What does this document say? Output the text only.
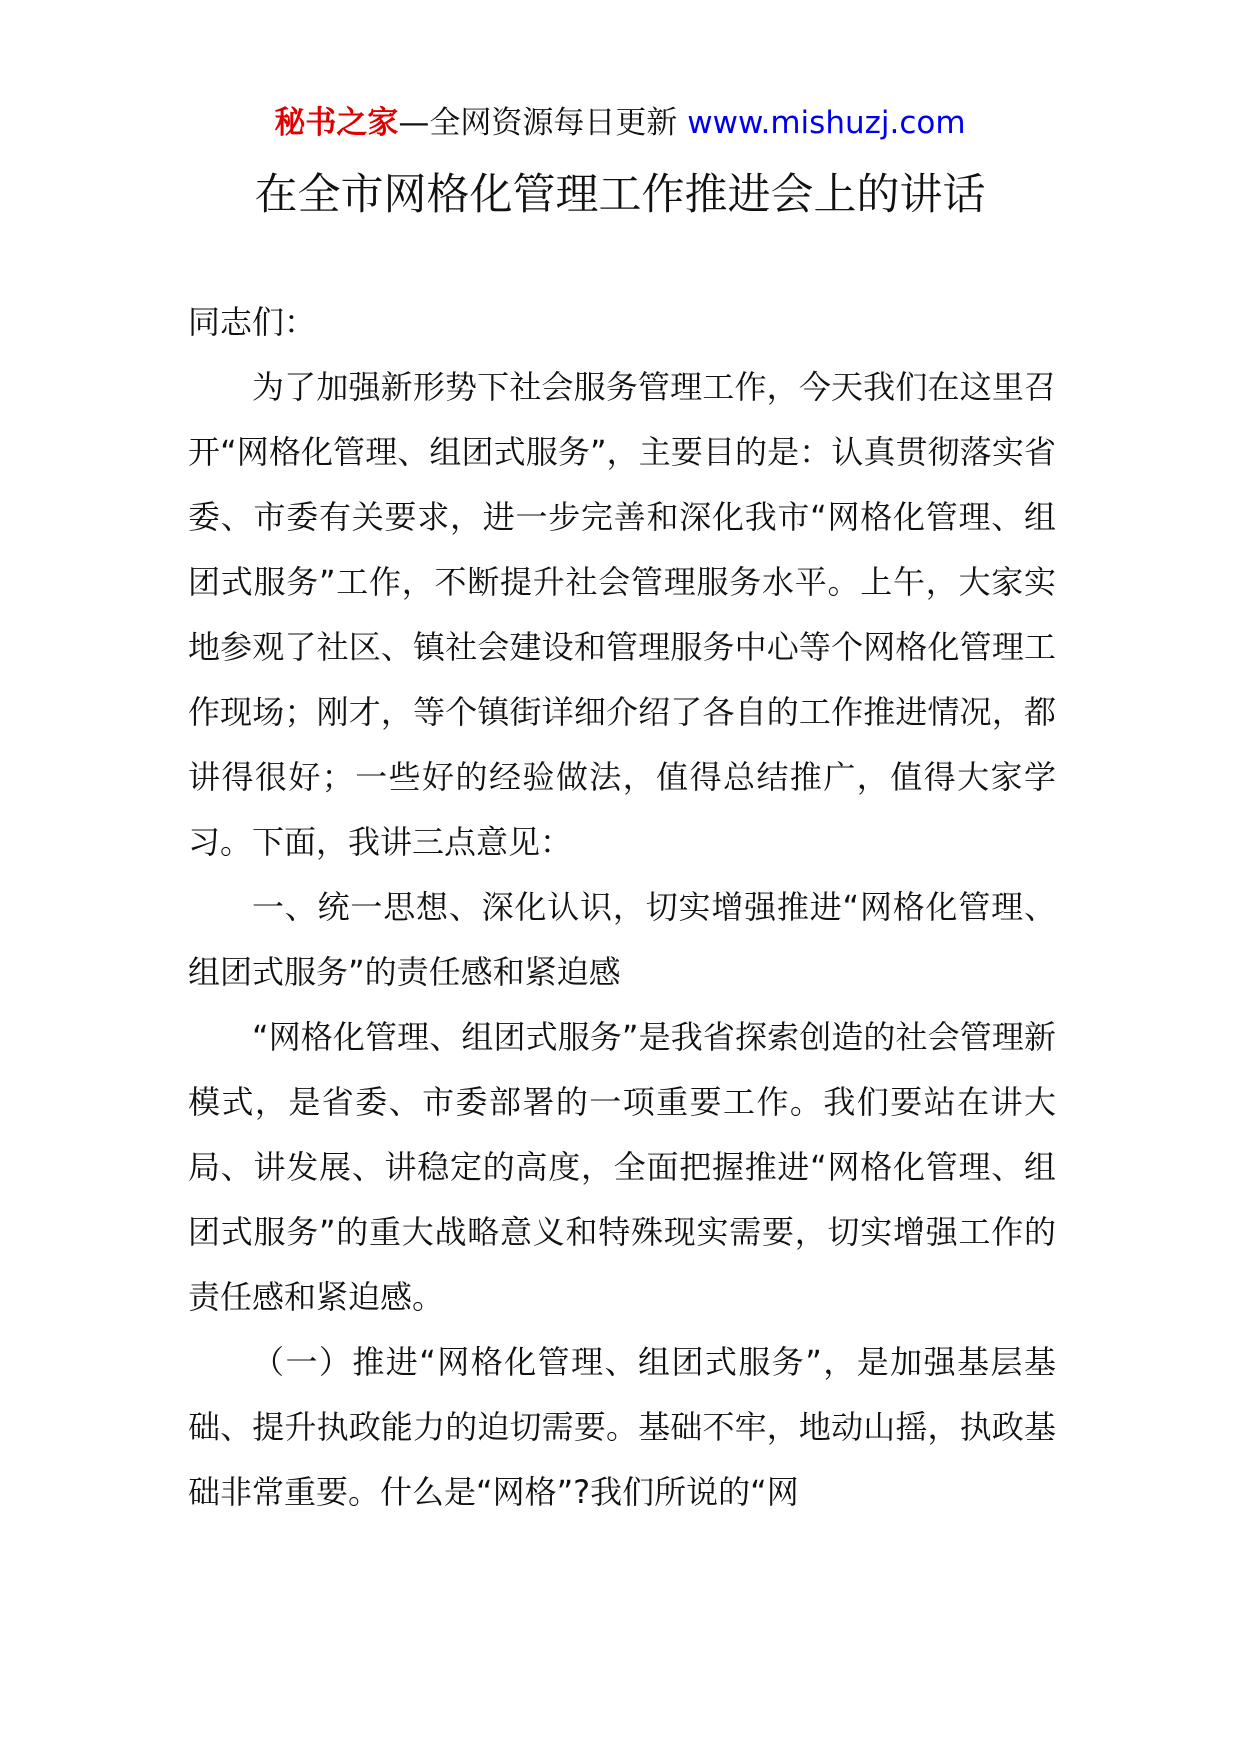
秘书之家—全网资源每日更新 www.mishuzj.com
在全市网格化管理工作推进会上的讲话

同志们：

为了加强新形势下社会服务管理工作，今天我们在这里召开“网格化管理、组团式服务”，主要目的是：认真贯彻落实省委、市委有关要求，进一步完善和深化我市“网格化管理、组团式服务”工作，不断提升社会管理服务水平。上午，大家实地参观了社区、镇社会建设和管理服务中心等个网格化管理工作现场；刚才，等个镇街详细介绍了各自的工作推进情况，都讲得很好；一些好的经验做法，值得总结推广，值得大家学习。下面，我讲三点意见：

一、统一思想、深化认识，切实增强推进“网格化管理、组团式服务”的责任感和紧迫感

“网格化管理、组团式服务”是我省探索创造的社会管理新模式，是省委、市委部署的一项重要工作。我们要站在讲大局、讲发展、讲稳定的高度，全面把握推进“网格化管理、组团式服务”的重大战略意义和特殊现实需要，切实增强工作的责任感和紧迫感。

（一）推进“网格化管理、组团式服务”，是加强基层基础、提升执政能力的迫切需要。基础不牢，地动山摇，执政基础非常重要。什么是“网格”?我们所说的“网
